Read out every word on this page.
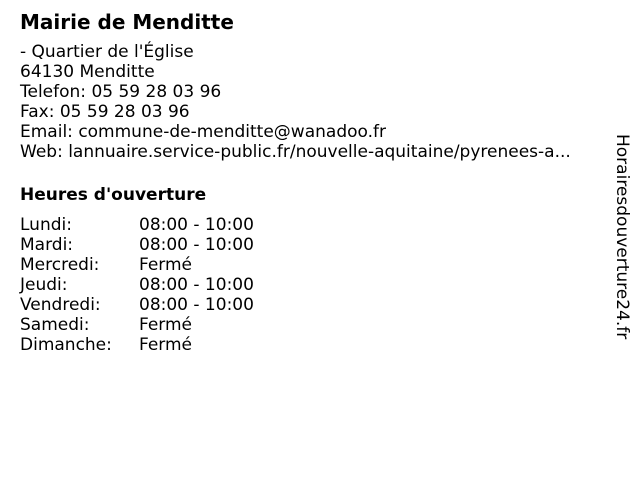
Mairie de Menditte
- Quartier de l'Église
64130 Menditte
Telefon: 05 59 28 03 96
Fax: 05 59 28 03 96
Email: commune-de-menditte@wanadoo.fr
Web: lannuaire.service-public.fr/nouvelle-aquitaine/pyrenees-a...
Heures d'ouverture
Lundi:	08:00 - 10:00
Mardi:	08:00 - 10:00
Mercredi:	Fermé
Jeudi:	08:00 - 10:00
Vendredi:	08:00 - 10:00
Samedi:	Fermé
Dimanche:	Fermé
Horairesdouverture24.fr
